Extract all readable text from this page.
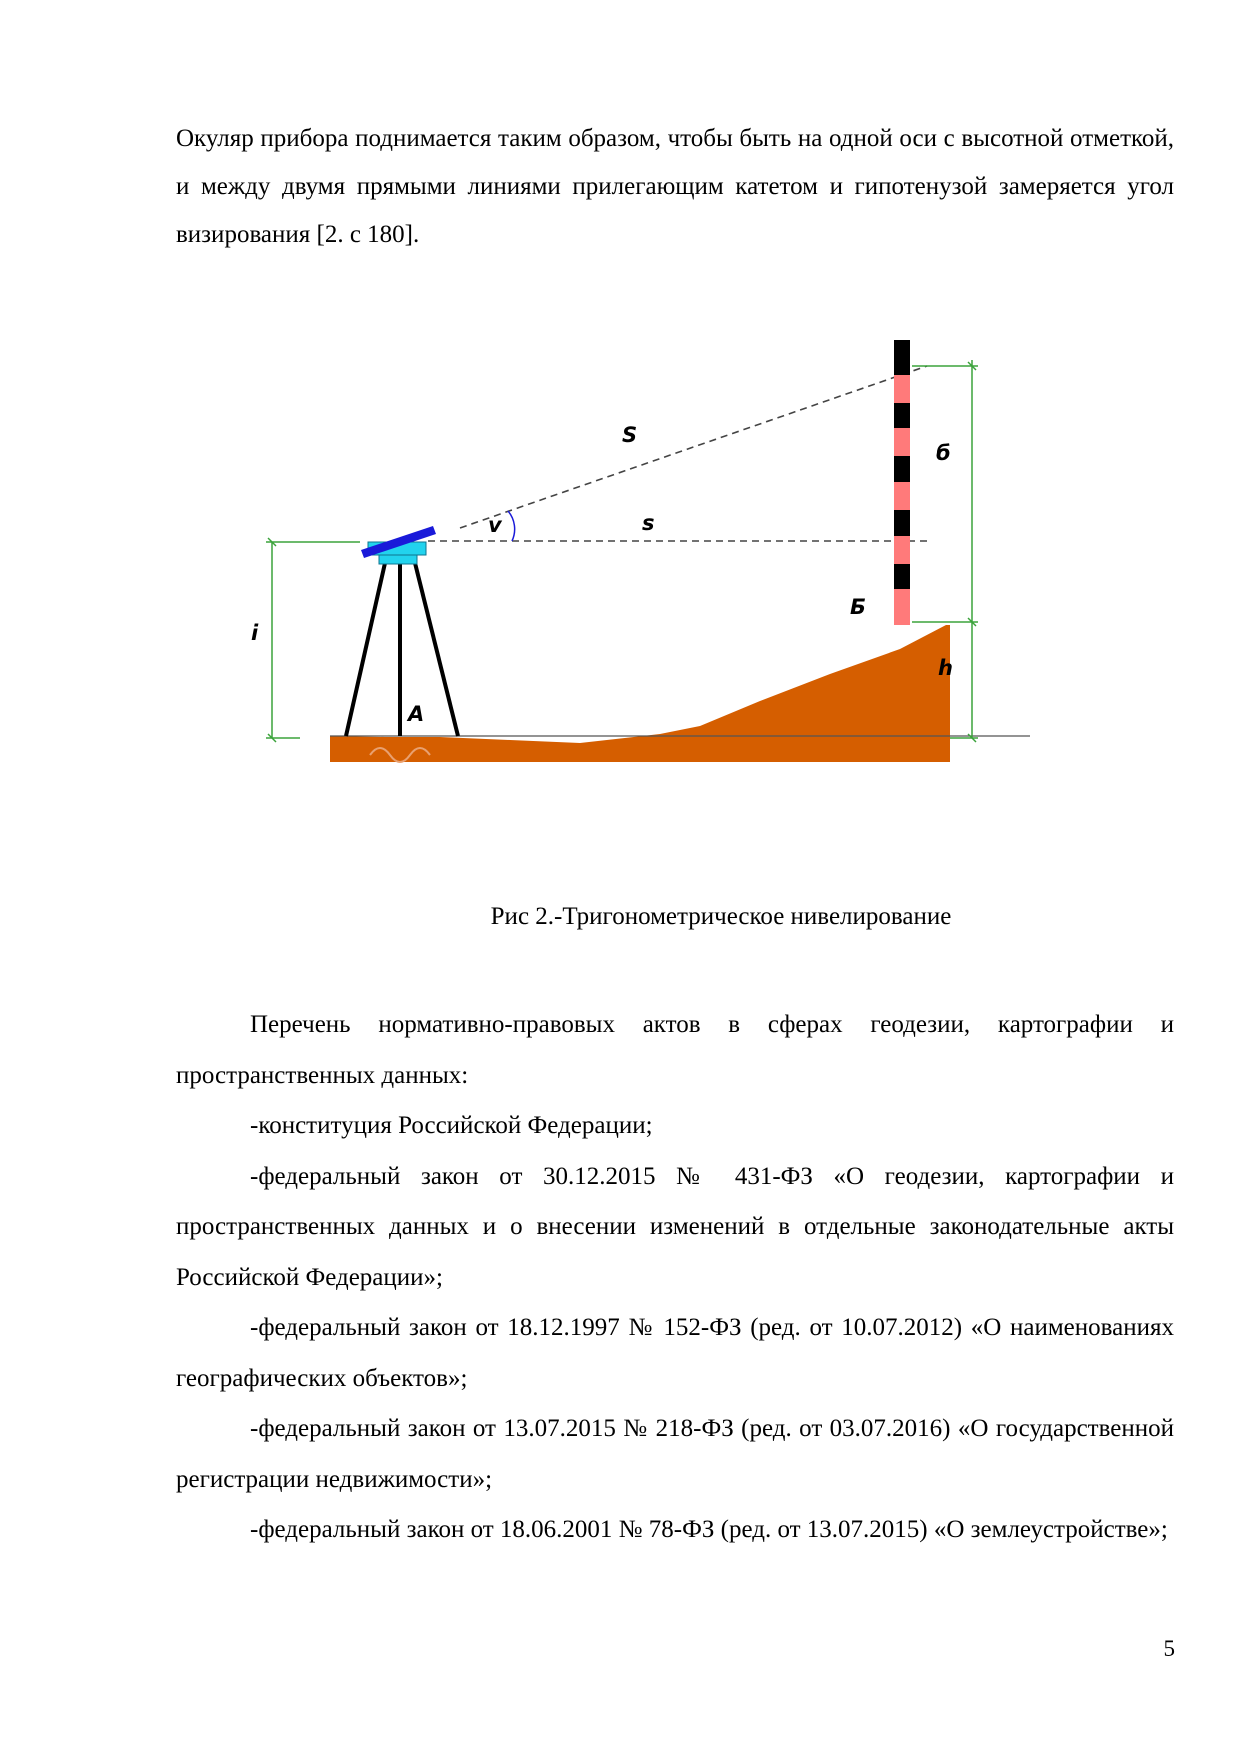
Окуляр прибора поднимается таким образом, чтобы быть на одной оси с высотной отметкой, и между двумя прямыми линиями прилегающим катетом и гипотенузой замеряется угол визирования [2. с 180].

S
v	s
б
Б
i
h
A
Рис 2.-Тригонометрическое нивелирование

Перечень нормативно-правовых актов в сферах геодезии, картографии и пространственных данных:

-конституция Российской Федерации;

-федеральный закон от 30.12.2015 № 431-ФЗ «О геодезии, картографии и пространственных данных и о внесении изменений в отдельные законодательные акты Российской Федерации»;

-федеральный закон от 18.12.1997 № 152-ФЗ (ред. от 10.07.2012) «О наименованиях географических объектов»;

-федеральный закон от 13.07.2015 № 218-ФЗ (ред. от 03.07.2016) «О государственной регистрации недвижимости»;

-федеральный закон от 18.06.2001 № 78-ФЗ (ред. от 13.07.2015) «О землеустройстве»;

5
